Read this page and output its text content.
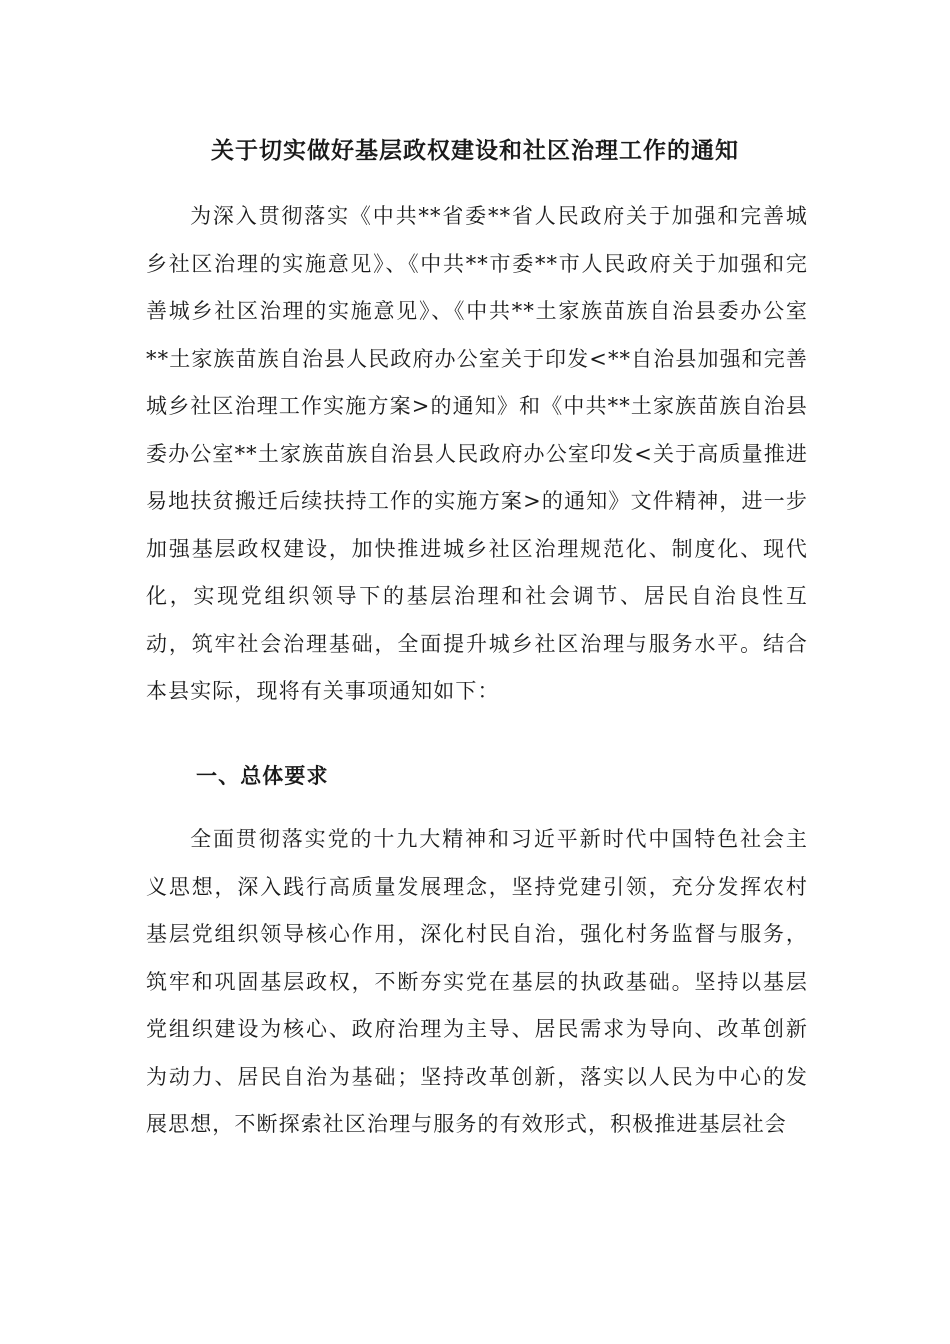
关于切实做好基层政权建设和社区治理工作的通知

为深入贯彻落实《中共**省委**省人民政府关于加强和完善城乡社区治理的实施意见》、《中共**市委**市人民政府关于加强和完善城乡社区治理的实施意见》、《中共**土家族苗族自治县委办公室**土家族苗族自治县人民政府办公室关于印发<**自治县加强和完善城乡社区治理工作实施方案>的通知》和《中共**土家族苗族自治县委办公室**土家族苗族自治县人民政府办公室印发<关于高质量推进易地扶贫搬迁后续扶持工作的实施方案>的通知》文件精神，进一步加强基层政权建设，加快推进城乡社区治理规范化、制度化、现代化，实现党组织领导下的基层治理和社会调节、居民自治良性互动，筑牢社会治理基础，全面提升城乡社区治理与服务水平。结合本县实际，现将有关事项通知如下：

一、总体要求

全面贯彻落实党的十九大精神和习近平新时代中国特色社会主义思想，深入践行高质量发展理念，坚持党建引领，充分发挥农村基层党组织领导核心作用，深化村民自治，强化村务监督与服务，筑牢和巩固基层政权，不断夯实党在基层的执政基础。坚持以基层党组织建设为核心、政府治理为主导、居民需求为导向、改革创新为动力、居民自治为基础；坚持改革创新，落实以人民为中心的发展思想，不断探索社区治理与服务的有效形式，积极推进基层社会
